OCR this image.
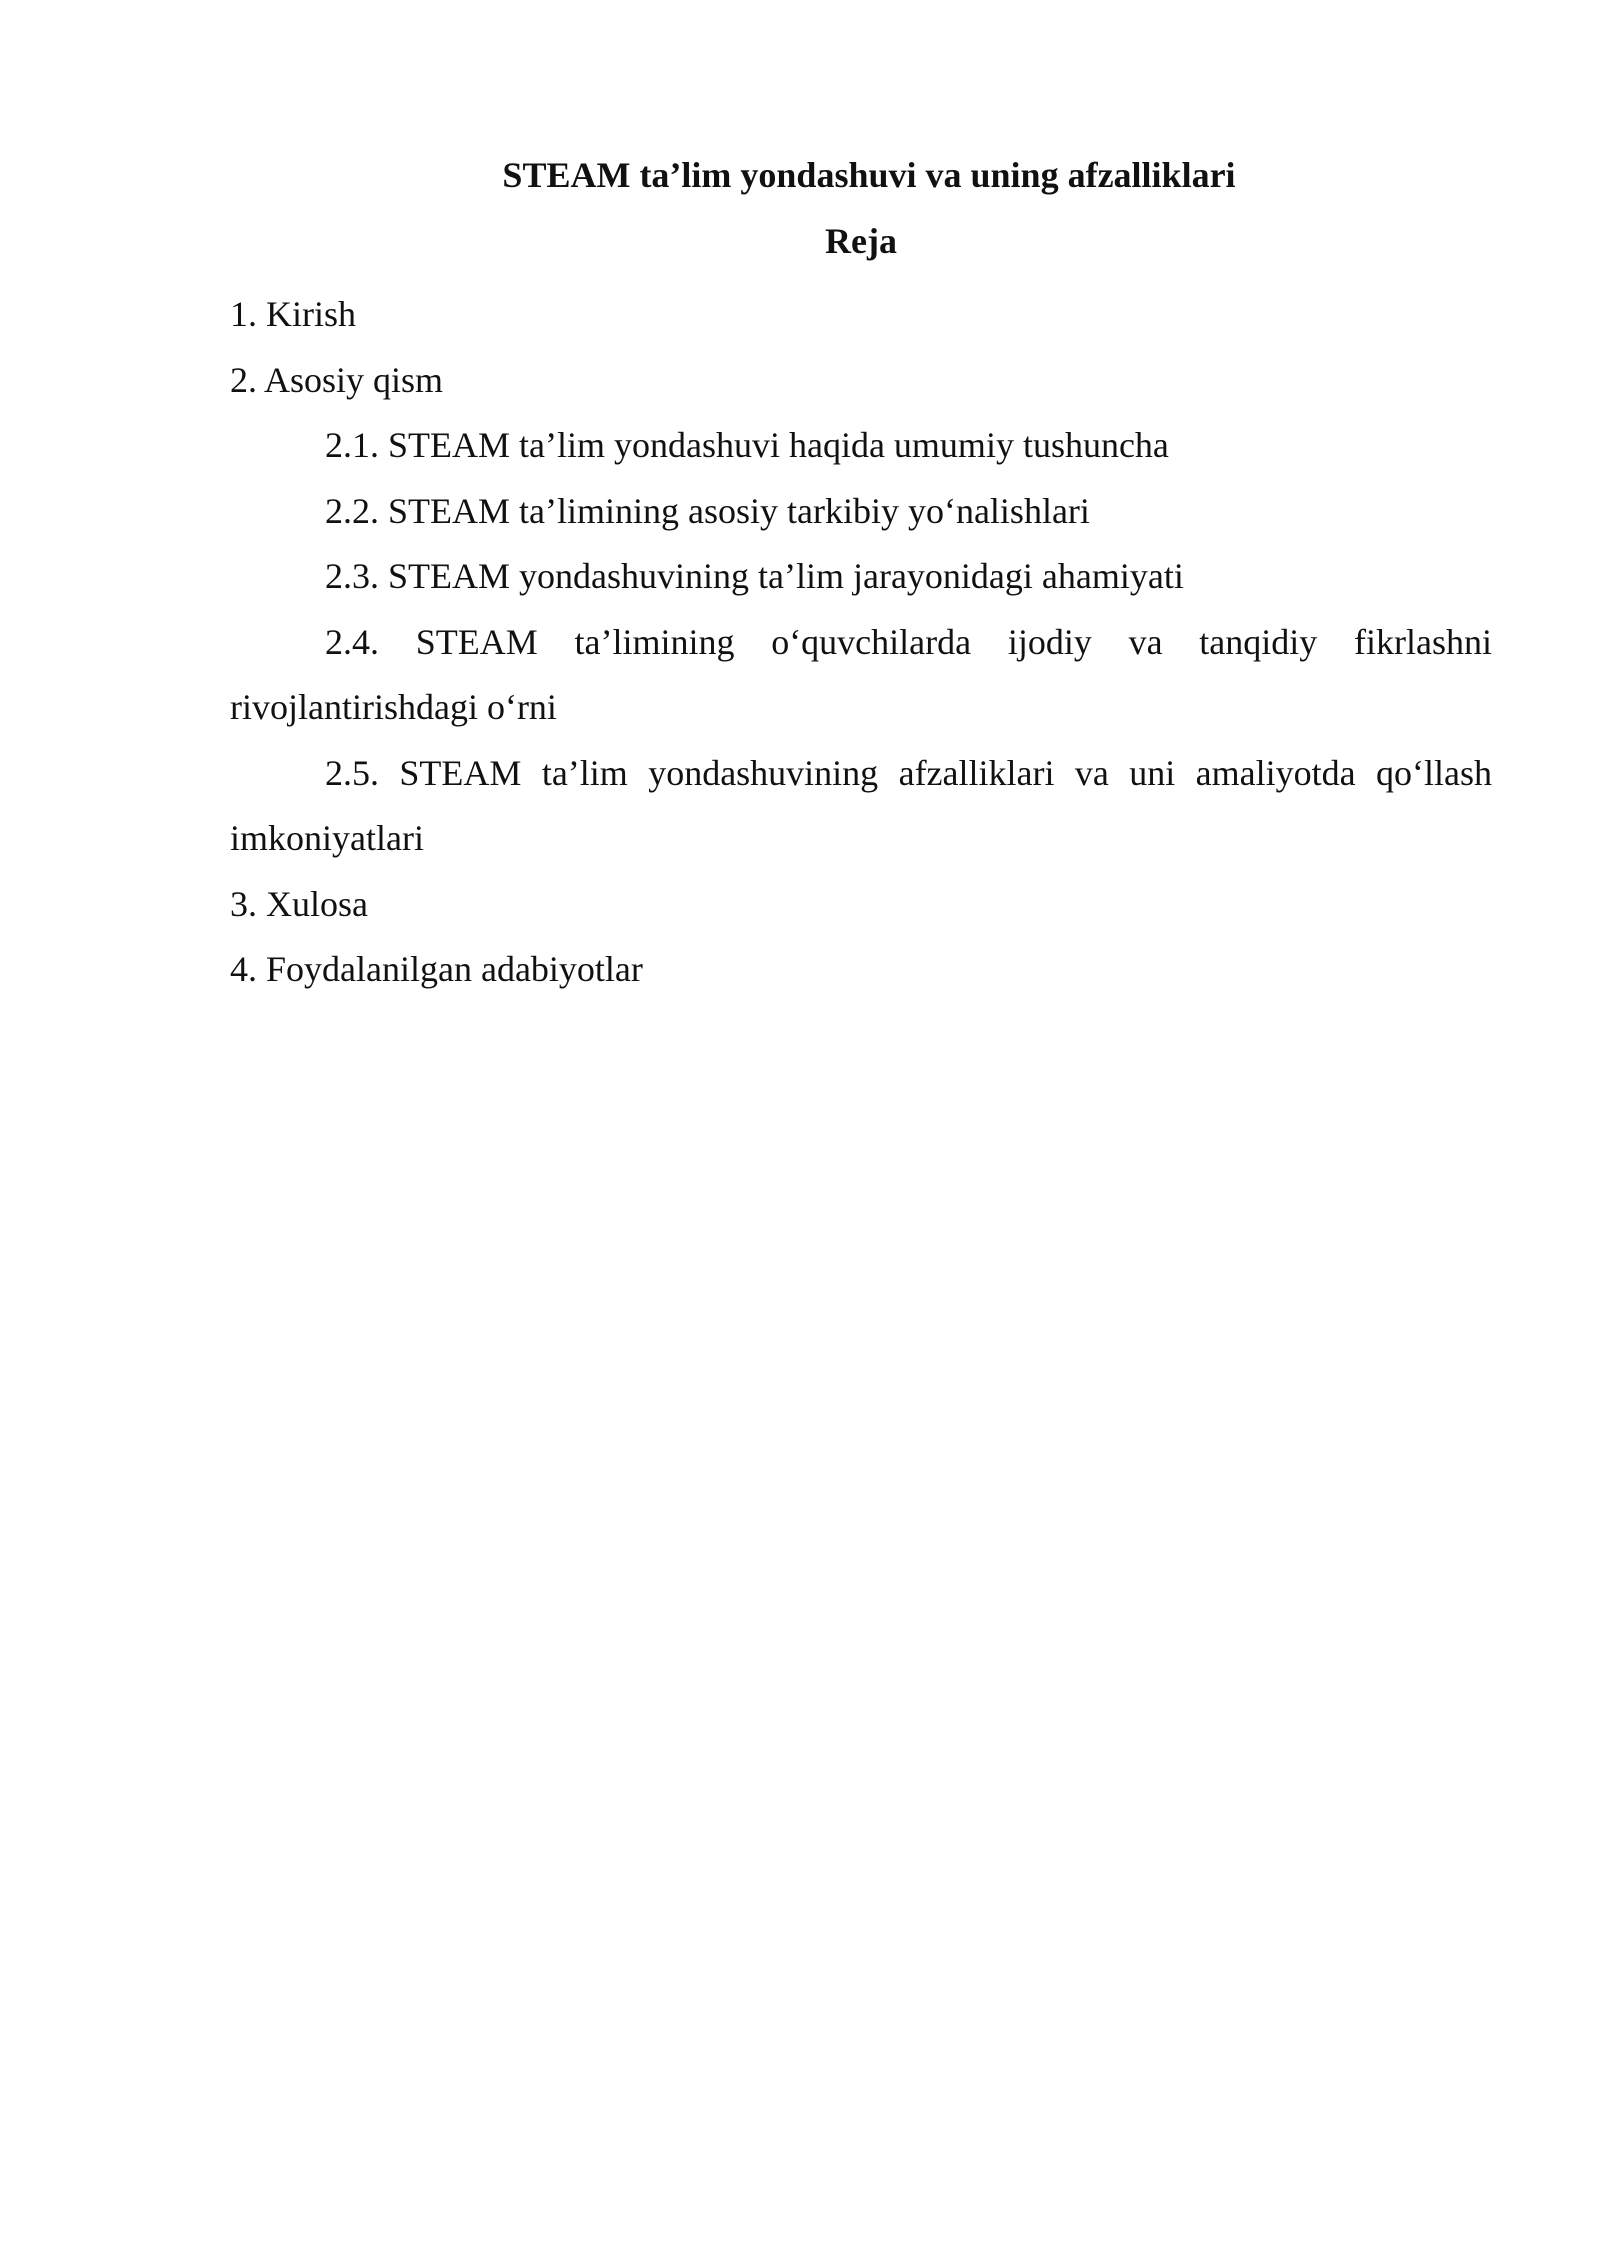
STEAM ta’lim yondashuvi va uning afzalliklari
Reja

1. Kirish

2. Asosiy qism

2.1. STEAM ta’lim yondashuvi haqida umumiy tushuncha

2.2. STEAM ta’limining asosiy tarkibiy yo‘nalishlari

2.3. STEAM yondashuvining ta’lim jarayonidagi ahamiyati

2.4. STEAM ta’limining o‘quvchilarda ijodiy va tanqidiy fikrlashni rivojlantirishdagi o‘rni

2.5. STEAM ta’lim yondashuvining afzalliklari va uni amaliyotda qo‘llash imkoniyatlari

3. Xulosa

4. Foydalanilgan adabiyotlar
